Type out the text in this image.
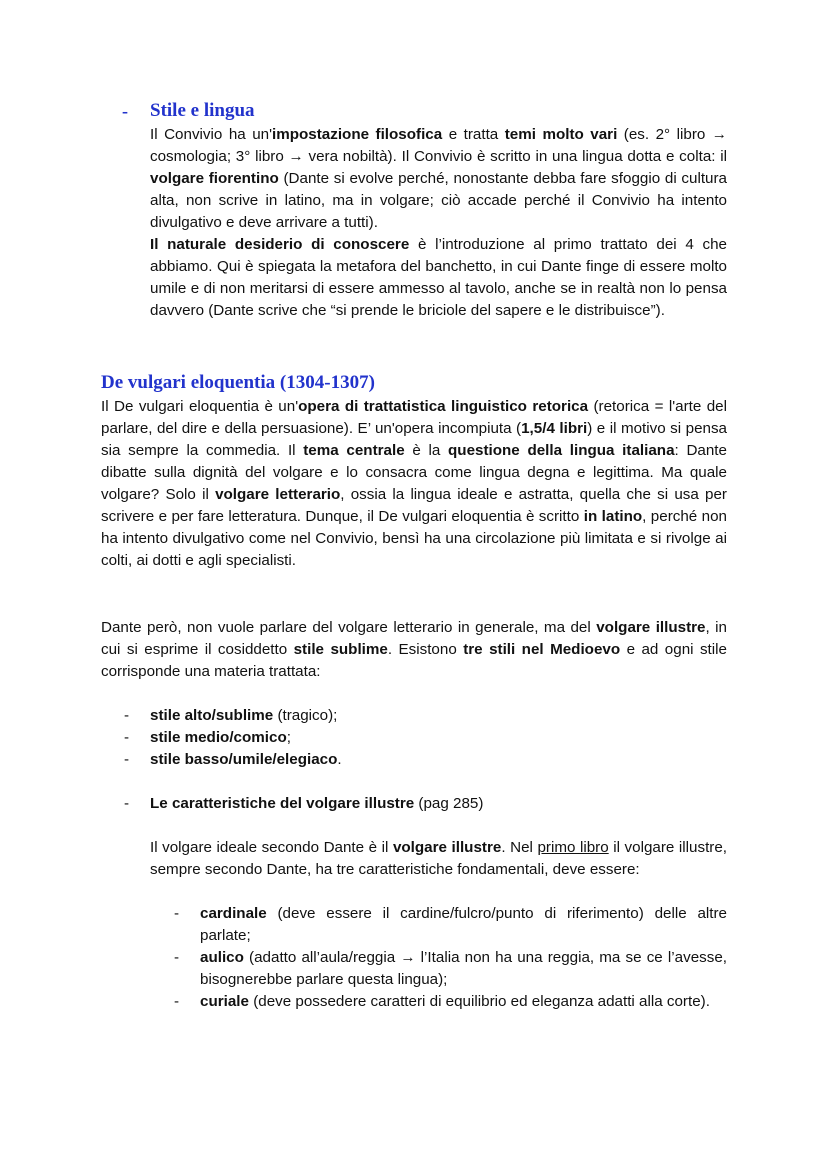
- Stile e lingua

Il Convivio ha un'impostazione filosofica e tratta temi molto vari (es. 2° libro → cosmologia; 3° libro → vera nobiltà). Il Convivio è scritto in una lingua dotta e colta: il volgare fiorentino (Dante si evolve perché, nonostante debba fare sfoggio di cultura alta, non scrive in latino, ma in volgare; ciò accade perché il Convivio ha intento divulgativo e deve arrivare a tutti).

Il naturale desiderio di conoscere è l’introduzione al primo trattato dei 4 che abbiamo. Qui è spiegata la metafora del banchetto, in cui Dante finge di essere molto umile e di non meritarsi di essere ammesso al tavolo, anche se in realtà non lo pensa davvero (Dante scrive che “si prende le briciole del sapere e le distribuisce”).

De vulgari eloquentia (1304-1307)

Il De vulgari eloquentia è un'opera di trattatistica linguistico retorica (retorica = l'arte del parlare, del dire e della persuasione). E’ un'opera incompiuta (1,5/4 libri) e il motivo si pensa sia sempre la commedia. Il tema centrale è la questione della lingua italiana: Dante dibatte sulla dignità del volgare e lo consacra come lingua degna e legittima. Ma quale volgare? Solo il volgare letterario, ossia la lingua ideale e astratta, quella che si usa per scrivere e per fare letteratura. Dunque, il De vulgari eloquentia è scritto in latino, perché non ha intento divulgativo come nel Convivio, bensì ha una circolazione più limitata e si rivolge ai colti, ai dotti e agli specialisti.

Dante però, non vuole parlare del volgare letterario in generale, ma del volgare illustre, in cui si esprime il cosiddetto stile sublime. Esistono tre stili nel Medioevo e ad ogni stile corrisponde una materia trattata:

- stile alto/sublime (tragico);
- stile medio/comico;
- stile basso/umile/elegiaco.
- Le caratteristiche del volgare illustre (pag 285)

Il volgare ideale secondo Dante è il volgare illustre. Nel primo libro il volgare illustre, sempre secondo Dante, ha tre caratteristiche fondamentali, deve essere:

- cardinale (deve essere il cardine/fulcro/punto di riferimento) delle altre parlate;
- aulico (adatto all’aula/reggia → l’Italia non ha una reggia, ma se ce l’avesse, bisognerebbe parlare questa lingua);
- curiale (deve possedere caratteri di equilibrio ed eleganza adatti alla corte).
